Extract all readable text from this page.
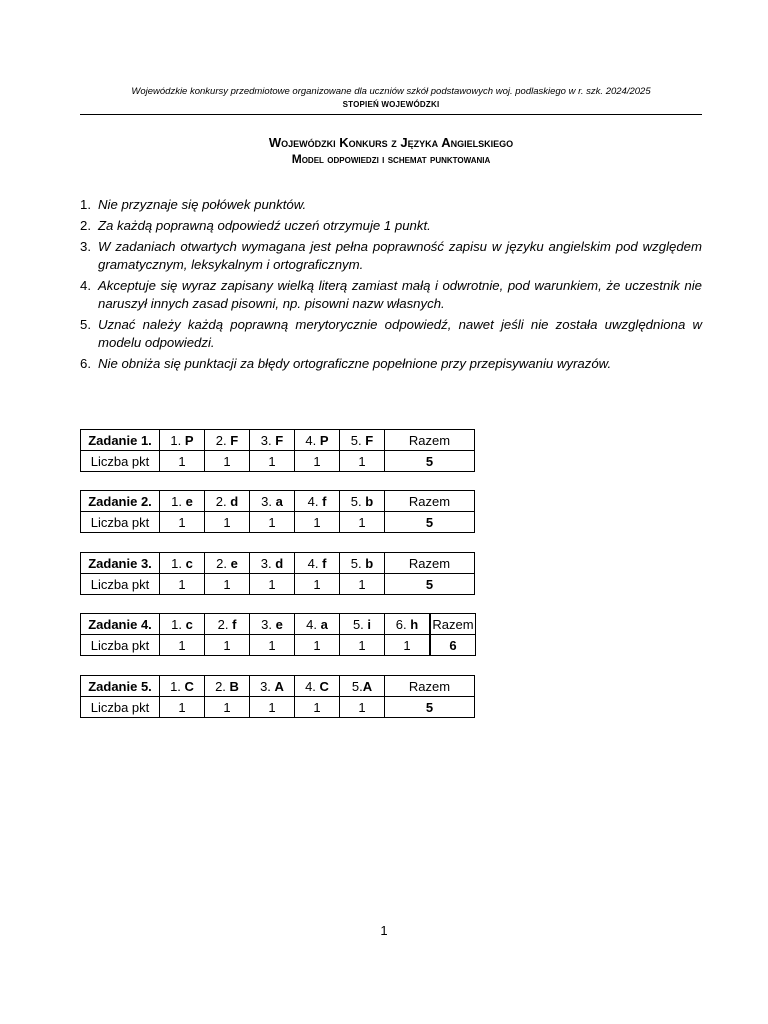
Wojewódzkie konkursy przedmiotowe organizowane dla uczniów szkół podstawowych woj. podlaskiego w r. szk. 2024/2025
STOPIEŃ WOJEWÓDZKI
Wojewódzki Konkurs z Języka Angielskiego
Model odpowiedzi i schemat punktowania
1. Nie przyznaje się połówek punktów.
2. Za każdą poprawną odpowiedź uczeń otrzymuje 1 punkt.
3. W zadaniach otwartych wymagana jest pełna poprawność zapisu w języku angielskim pod względem gramatycznym, leksykalnym i ortograficznym.
4. Akceptuje się wyraz zapisany wielką literą zamiast małą i odwrotnie, pod warunkiem, że uczestnik nie naruszył innych zasad pisowni, np. pisowni nazw własnych.
5. Uznać należy każdą poprawną merytorycznie odpowiedź, nawet jeśli nie została uwzględniona w modelu odpowiedzi.
6. Nie obniża się punktacji za błędy ortograficzne popełnione przy przepisywaniu wyrazów.
Zadanie 1.	1. P	2. F	3. F	4. P	5. F	Razem
Liczba pkt	1	1	1	1	1	5
Zadanie 2.	1. e	2. d	3. a	4. f	5. b	Razem
Liczba pkt	1	1	1	1	1	5
Zadanie 3.	1. c	2. e	3. d	4. f	5. b	Razem
Liczba pkt	1	1	1	1	1	5
Zadanie 4.	1. c	2. f	3. e	4. a	5. i	6. h	Razem
Liczba pkt	1	1	1	1	1	1	6
Zadanie 5.	1. C	2. B	3. A	4. C	5.A	Razem
Liczba pkt	1	1	1	1	1	5
1
